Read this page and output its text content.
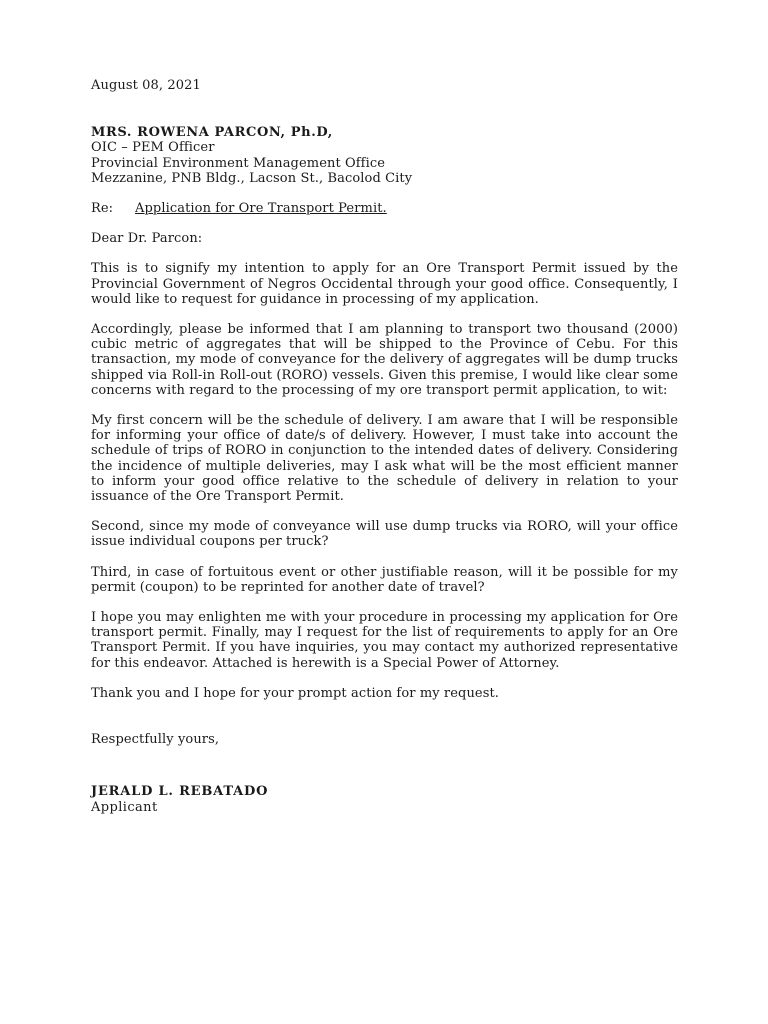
August 08, 2021
MRS. ROWENA PARCON, Ph.D,
OIC – PEM Officer
Provincial Environment Management Office
Mezzanine, PNB Bldg., Lacson St., Bacolod City
Re: Application for Ore Transport Permit.
Dear Dr. Parcon:

This is to signify my intention to apply for an Ore Transport Permit issued by the Provincial Government of Negros Occidental through your good office. Consequently, I would like to request for guidance in processing of my application.

Accordingly, please be informed that I am planning to transport two thousand (2000) cubic metric of aggregates that will be shipped to the Province of Cebu. For this transaction, my mode of conveyance for the delivery of aggregates will be dump trucks shipped via Roll-in Roll-out (RORO) vessels. Given this premise, I would like clear some concerns with regard to the processing of my ore transport permit application, to wit:

My first concern will be the schedule of delivery. I am aware that I will be responsible for informing your office of date/s of delivery. However, I must take into account the schedule of trips of RORO in conjunction to the intended dates of delivery. Considering the incidence of multiple deliveries, may I ask what will be the most efficient manner to inform your good office relative to the schedule of delivery in relation to your issuance of the Ore Transport Permit.

Second, since my mode of conveyance will use dump trucks via RORO, will your office issue individual coupons per truck?

Third, in case of fortuitous event or other justifiable reason, will it be possible for my permit (coupon) to be reprinted for another date of travel?

I hope you may enlighten me with your procedure in processing my application for Ore transport permit. Finally, may I request for the list of requirements to apply for an Ore Transport Permit. If you have inquiries, you may contact my authorized representative for this endeavor. Attached is herewith is a Special Power of Attorney.

Thank you and I hope for your prompt action for my request.
Respectfully yours,
JERALD L. REBATADO
Applicant
